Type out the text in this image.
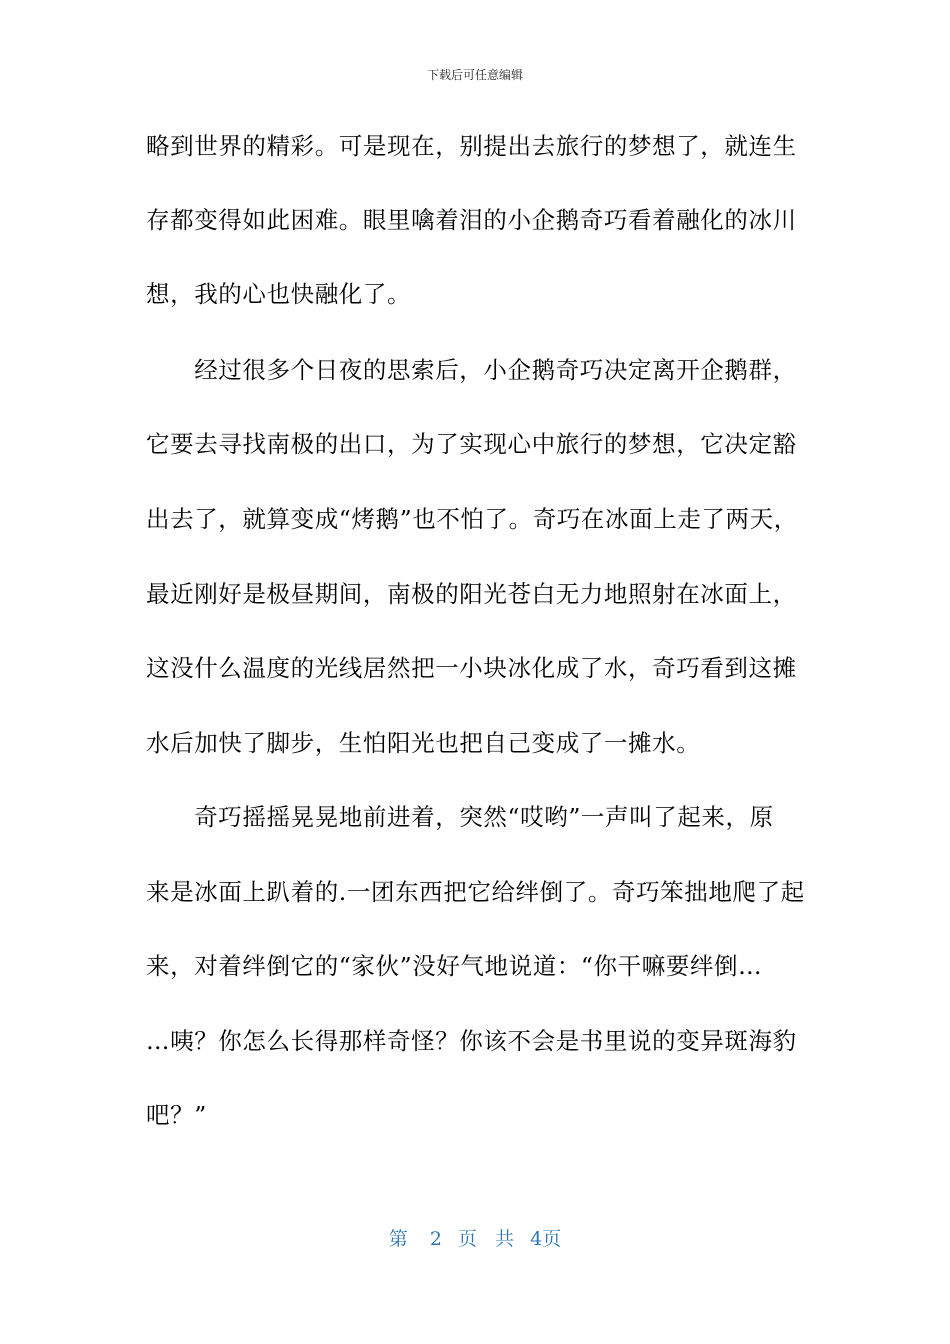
下载后可任意编辑
略到世界的精彩。可是现在，别提出去旅行的梦想了，就连生
存都变得如此困难。眼里噙着泪的小企鹅奇巧看着融化的冰川
想，我的心也快融化了。
　　经过很多个日夜的思索后，小企鹅奇巧决定离开企鹅群，
它要去寻找南极的出口，为了实现心中旅行的梦想，它决定豁
出去了，就算变成“烤鹅”也不怕了。奇巧在冰面上走了两天，
最近刚好是极昼期间，南极的阳光苍白无力地照射在冰面上，
这没什么温度的光线居然把一小块冰化成了水，奇巧看到这摊
水后加快了脚步，生怕阳光也把自己变成了一摊水。
　　奇巧摇摇晃晃地前进着，突然“哎哟”一声叫了起来，原
来是冰面上趴着的.一团东西把它给绊倒了。奇巧笨拙地爬了起
来，对着绊倒它的“家伙”没好气地说道：“你干嘛要绊倒…
…咦？你怎么长得那样奇怪？你该不会是书里说的变异斑海豹
吧？”
第 2 页 共 4页
